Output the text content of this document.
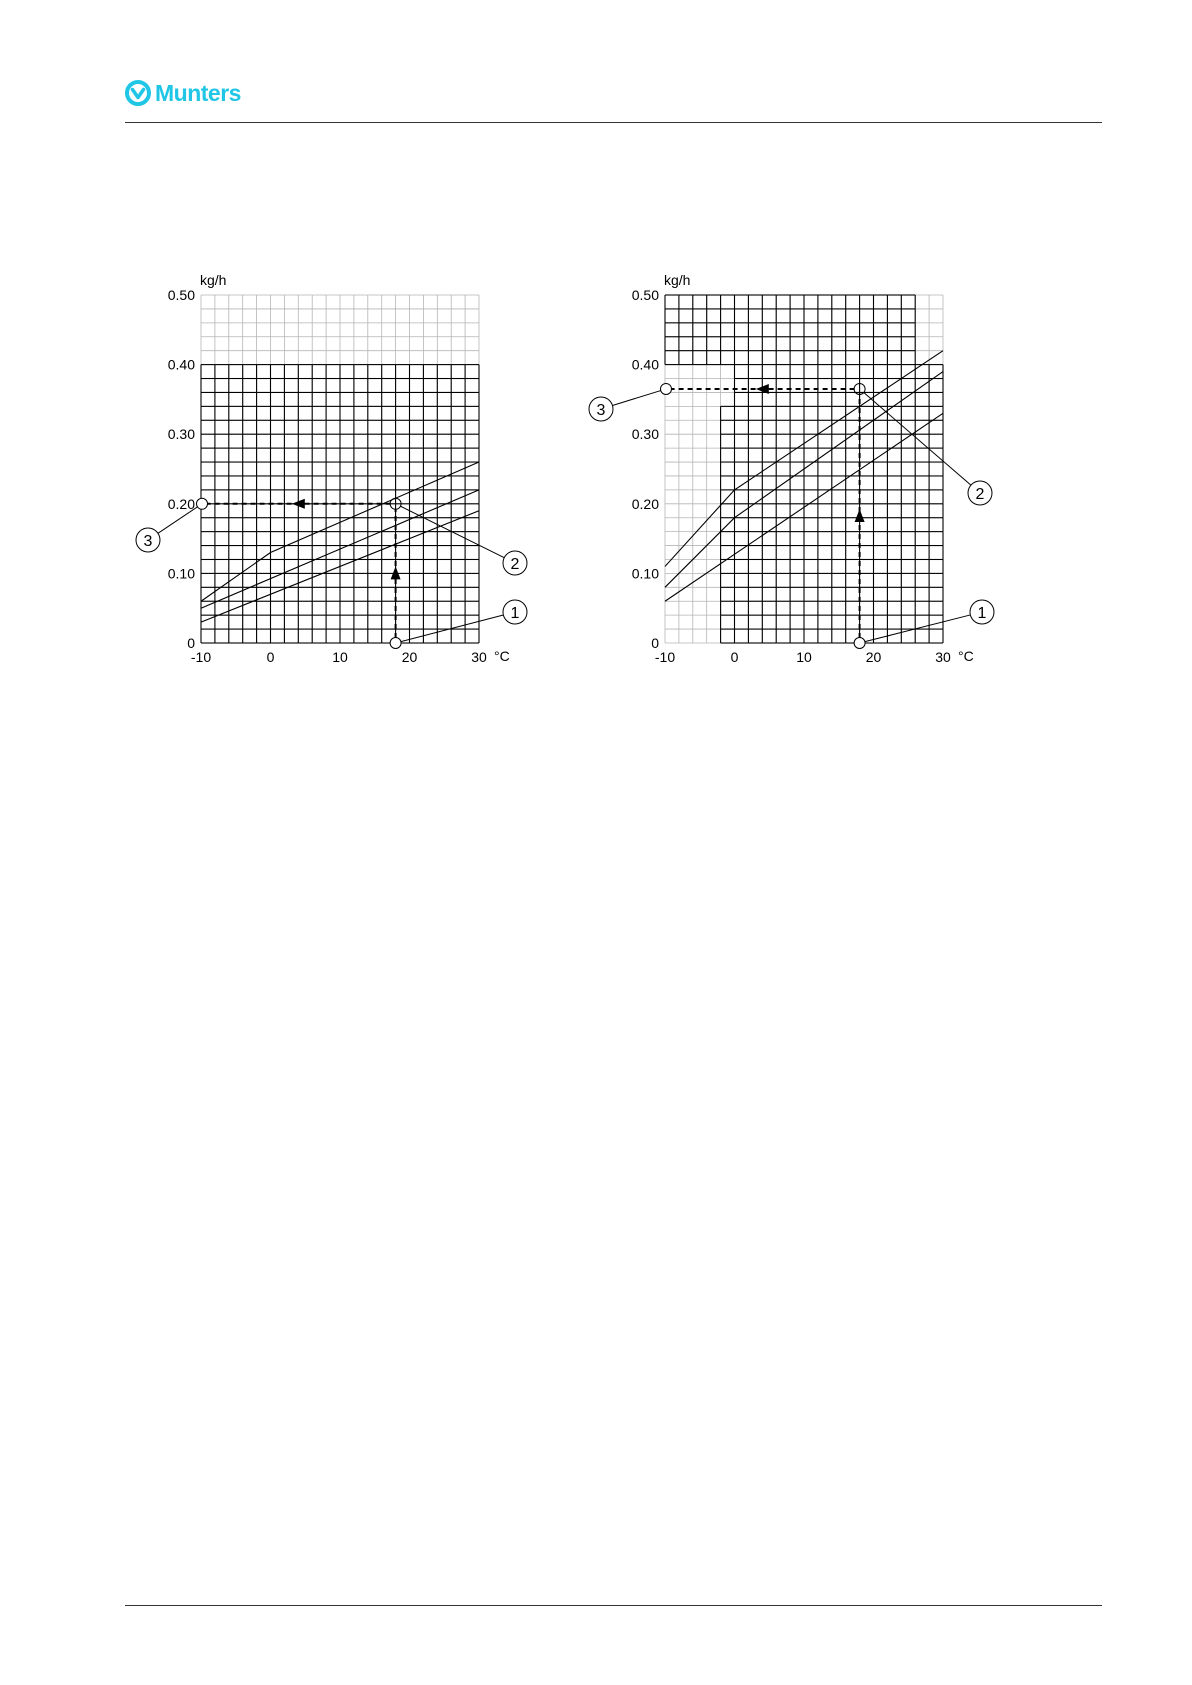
Munters
1
2
3
0
0.10
0.20
0.30
0.40
0.50
-10	0	10	20	30
kg/h
°C
1
2
3
0
0.10
0.20
0.30
0.40
0.50
-10	0	10	20	30
kg/h
°C
